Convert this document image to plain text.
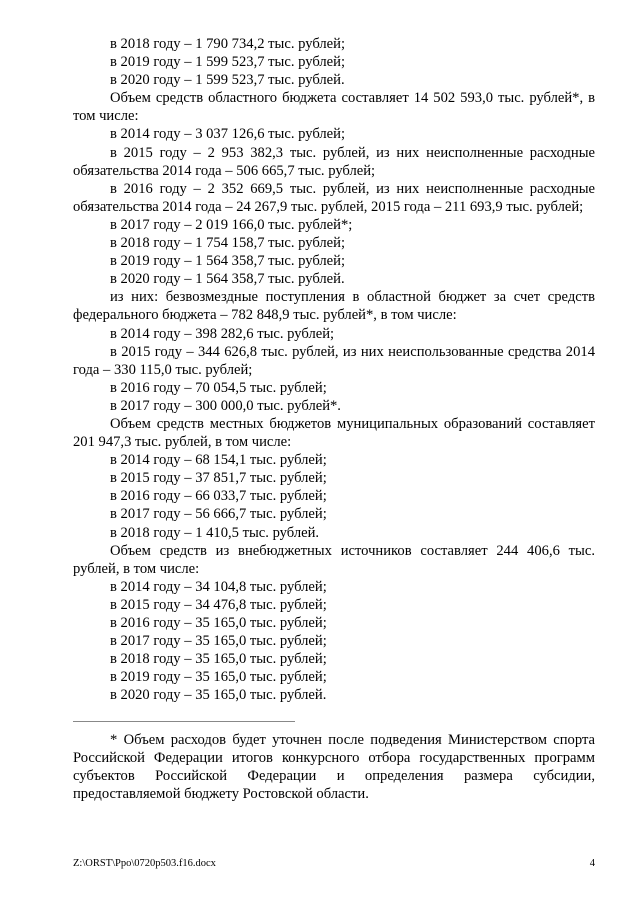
в 2018 году – 1 790 734,2 тыс. рублей;

в 2019 году – 1 599 523,7 тыс. рублей;

в 2020 году – 1 599 523,7 тыс. рублей.

Объем средств областного бюджета составляет 14 502 593,0 тыс. рублей*, в том числе:

в 2014 году – 3 037 126,6 тыс. рублей;

в 2015 году – 2 953 382,3 тыс. рублей, из них неисполненные расходные обязательства 2014 года – 506 665,7 тыс. рублей;

в 2016 году – 2 352 669,5 тыс. рублей, из них неисполненные расходные обязательства 2014 года – 24 267,9 тыс. рублей, 2015 года – 211 693,9 тыс. рублей;

в 2017 году – 2 019 166,0 тыс. рублей*;

в 2018 году – 1 754 158,7 тыс. рублей;

в 2019 году – 1 564 358,7 тыс. рублей;

в 2020 году – 1 564 358,7 тыс. рублей.

из них: безвозмездные поступления в областной бюджет за счет средств федерального бюджета – 782 848,9 тыс. рублей*, в том числе:

в 2014 году – 398 282,6 тыс. рублей;

в 2015 году – 344 626,8 тыс. рублей, из них неиспользованные средства 2014 года – 330 115,0 тыс. рублей;

в 2016 году – 70 054,5 тыс. рублей;

в 2017 году – 300 000,0 тыс. рублей*.

Объем средств местных бюджетов муниципальных образований составляет 201 947,3 тыс. рублей, в том числе:

в 2014 году – 68 154,1 тыс. рублей;

в 2015 году – 37 851,7 тыс. рублей;

в 2016 году – 66 033,7 тыс. рублей;

в 2017 году – 56 666,7 тыс. рублей;

в 2018 году – 1 410,5 тыс. рублей.

Объем средств из внебюджетных источников составляет 244 406,6 тыс. рублей, в том числе:

в 2014 году – 34 104,8 тыс. рублей;

в 2015 году – 34 476,8 тыс. рублей;

в 2016 году – 35 165,0 тыс. рублей;

в 2017 году – 35 165,0 тыс. рублей;

в 2018 году – 35 165,0 тыс. рублей;

в 2019 году – 35 165,0 тыс. рублей;

в 2020 году – 35 165,0 тыс. рублей.

* Объем расходов будет уточнен после подведения Министерством спорта Российской Федерации итогов конкурсного отбора государственных программ субъектов Российской Федерации и определения размера субсидии, предоставляемой бюджету Ростовской области.

Z:\ORST\Ppo\0720p503.f16.docx	4
